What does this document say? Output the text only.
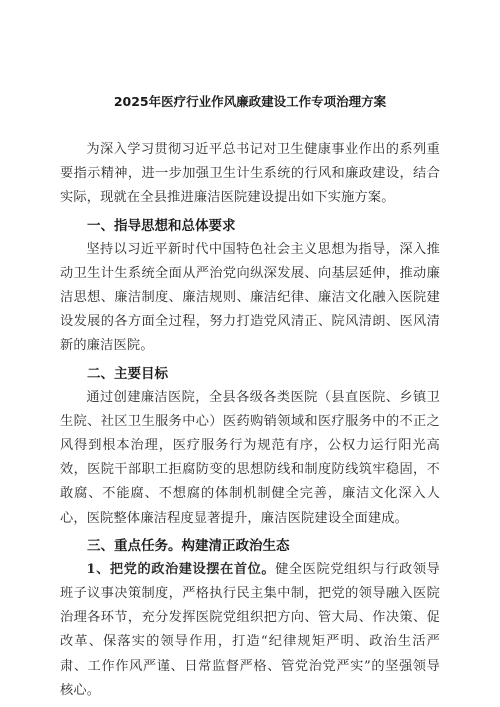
2025年医疗行业作风廉政建设工作专项治理方案

为深入学习贯彻习近平总书记对卫生健康事业作出的系列重要指示精神，进一步加强卫生计生系统的行风和廉政建设，结合实际，现就在全县推进廉洁医院建设提出如下实施方案。

一、指导思想和总体要求

坚持以习近平新时代中国特色社会主义思想为指导，深入推动卫生计生系统全面从严治党向纵深发展、向基层延伸，推动廉洁思想、廉洁制度、廉洁规则、廉洁纪律、廉洁文化融入医院建设发展的各方面全过程，努力打造党风清正、院风清朗、医风清新的廉洁医院。

二、主要目标

通过创建廉洁医院，全县各级各类医院（县直医院、乡镇卫生院、社区卫生服务中心）医药购销领域和医疗服务中的不正之风得到根本治理，医疗服务行为规范有序，公权力运行阳光高效，医院干部职工拒腐防变的思想防线和制度防线筑牢稳固，不敢腐、不能腐、不想腐的体制机制健全完善，廉洁文化深入人心，医院整体廉洁程度显著提升，廉洁医院建设全面建成。

三、重点任务。构建清正政治生态

1、把党的政治建设摆在首位。健全医院党组织与行政领导班子议事决策制度，严格执行民主集中制，把党的领导融入医院治理各环节，充分发挥医院党组织把方向、管大局、作决策、促改革、保落实的领导作用，打造“纪律规矩严明、政治生活严肃、工作作风严谨、日常监督严格、管党治党严实”的坚强领导核心。
